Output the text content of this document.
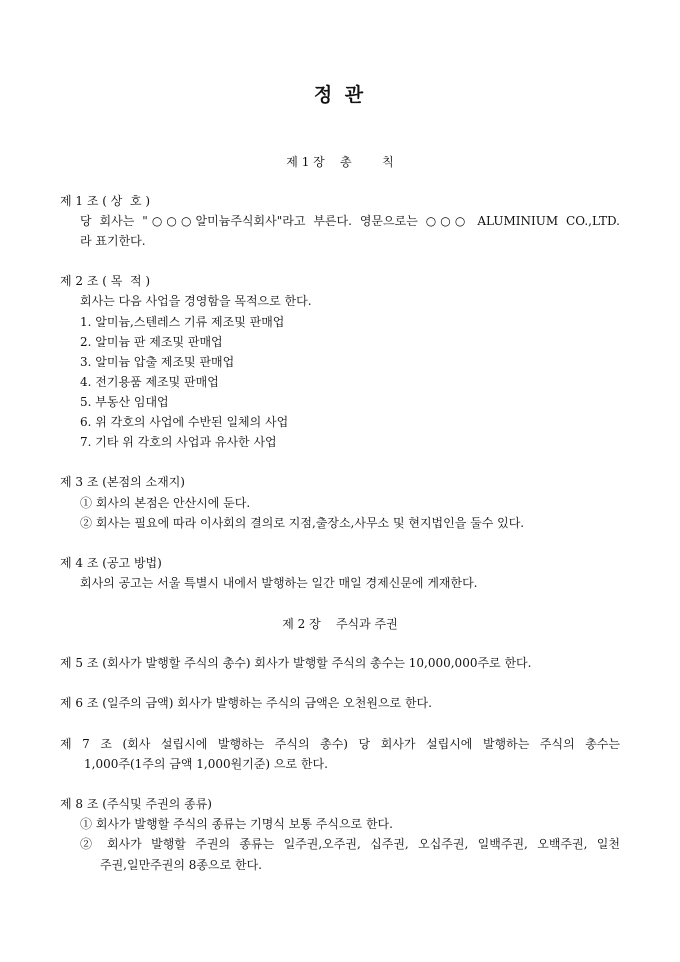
정 관
제 1 장    총        칙
제 1 조 ( 상  호 )
당 회사는 "○○○알미늄주식회사"라고 부른다. 영문으로는 ○○○ ALUMINIUM CO.,LTD.
라 표기한다.
제 2 조 ( 목  적 )
회사는 다음 사업을 경영함을 목적으로 한다.
1. 알미늄,스텐레스 기류 제조및 판매업
2. 알미늄 판 제조및 판매업
3. 알미늄 압출 제조및 판매업
4. 전기용품 제조및 판매업
5. 부동산 임대업
6. 위 각호의 사업에 수반된 일체의 사업
7. 기타 위 각호의 사업과 유사한 사업
제 3 조 (본점의 소재지)
① 회사의 본점은 안산시에 둔다.
② 회사는 필요에 따라 이사회의 결의로 지점,출장소,사무소 및 현지법인을 둘수 있다.
제 4 조 (공고 방법)
회사의 공고는 서울 특별시 내에서 발행하는 일간 매일 경제신문에 게재한다.
제 2 장    주식과 주권
제 5 조 (회사가 발행할 주식의 총수) 회사가 발행할 주식의 총수는 10,000,000주로 한다.
제 6 조 (일주의 금액) 회사가 발행하는 주식의 금액은 오천원으로 한다.
제 7 조 (회사 설립시에 발행하는 주식의 총수) 당 회사가 설립시에 발행하는 주식의 총수는
1,000주(1주의 금액 1,000원기준) 으로 한다.
제 8 조 (주식및 주권의 종류)
① 회사가 발행할 주식의 종류는 기명식 보통 주식으로 한다.
② 회사가 발행할 주권의 종류는 일주권,오주권, 십주권, 오십주권, 일백주권, 오백주권, 일천
주권,일만주권의 8종으로 한다.
